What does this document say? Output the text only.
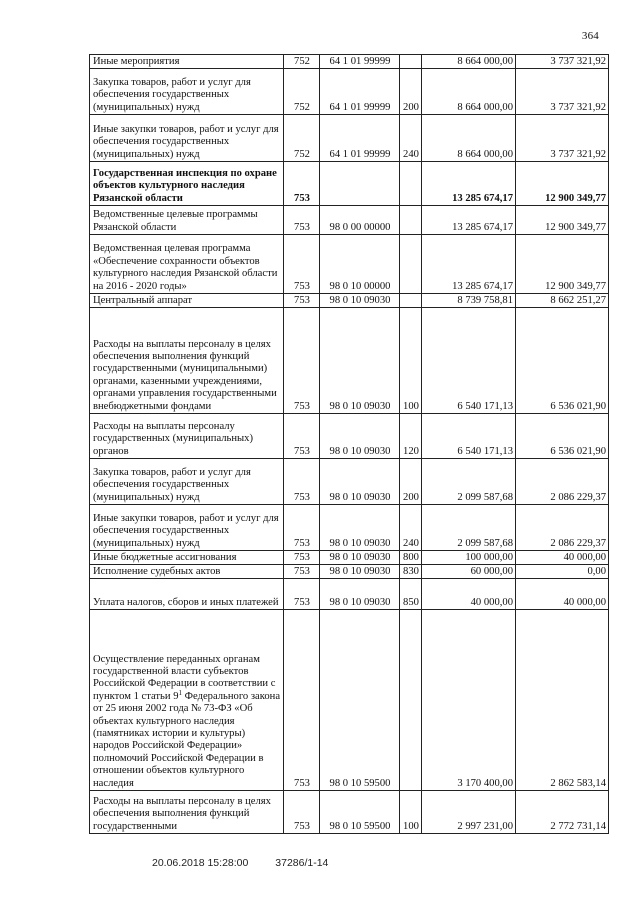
364
Иные мероприятия	752	64 1 01 99999		8 664 000,00	3 737 321,92
Закупка товаров, работ и услуг для обеспечения государственных (муниципальных) нужд	752	64 1 01 99999	200	8 664 000,00	3 737 321,92
Иные закупки товаров, работ и услуг для обеспечения государственных (муниципальных) нужд	752	64 1 01 99999	240	8 664 000,00	3 737 321,92
Государственная инспекция по охране объектов культурного наследия Рязанской области	753			13 285 674,17	12 900 349,77
Ведомственные целевые программы Рязанской области	753	98 0 00 00000		13 285 674,17	12 900 349,77
Ведомственная целевая программа «Обеспечение сохранности объектов культурного наследия Рязанской области на 2016 - 2020 годы»	753	98 0 10 00000		13 285 674,17	12 900 349,77
Центральный аппарат	753	98 0 10 09030		8 739 758,81	8 662 251,27
Расходы на выплаты персоналу в целях обеспечения выполнения функций государственными (муниципальными) органами, казенными учреждениями, органами управления государственными внебюджетными фондами	753	98 0 10 09030	100	6 540 171,13	6 536 021,90
Расходы на выплаты персоналу государственных (муниципальных) органов	753	98 0 10 09030	120	6 540 171,13	6 536 021,90
Закупка товаров, работ и услуг для обеспечения государственных (муниципальных) нужд	753	98 0 10 09030	200	2 099 587,68	2 086 229,37
Иные закупки товаров, работ и услуг для обеспечения государственных (муниципальных) нужд	753	98 0 10 09030	240	2 099 587,68	2 086 229,37
Иные бюджетные ассигнования	753	98 0 10 09030	800	100 000,00	40 000,00
Исполнение судебных актов	753	98 0 10 09030	830	60 000,00	0,00
Уплата налогов, сборов и иных платежей	753	98 0 10 09030	850	40 000,00	40 000,00
Осуществление переданных органам государственной власти субъектов Российской Федерации в соответствии с пунктом 1 статьи $9^1$ Федерального закона от 25 июня 2002 года № 73-ФЗ «Об объектах культурного наследия (памятниках истории и культуры) народов Российской Федерации» полномочий Российской Федерации в отношении объектов культурного наследия	753	98 0 10 59500		3 170 400,00	2 862 583,14
Расходы на выплаты персоналу в целях обеспечения выполнения функций государственными	753	98 0 10 59500	100	2 997 231,00	2 772 731,14
20.06.2018 15:28:00	37286/1-14
